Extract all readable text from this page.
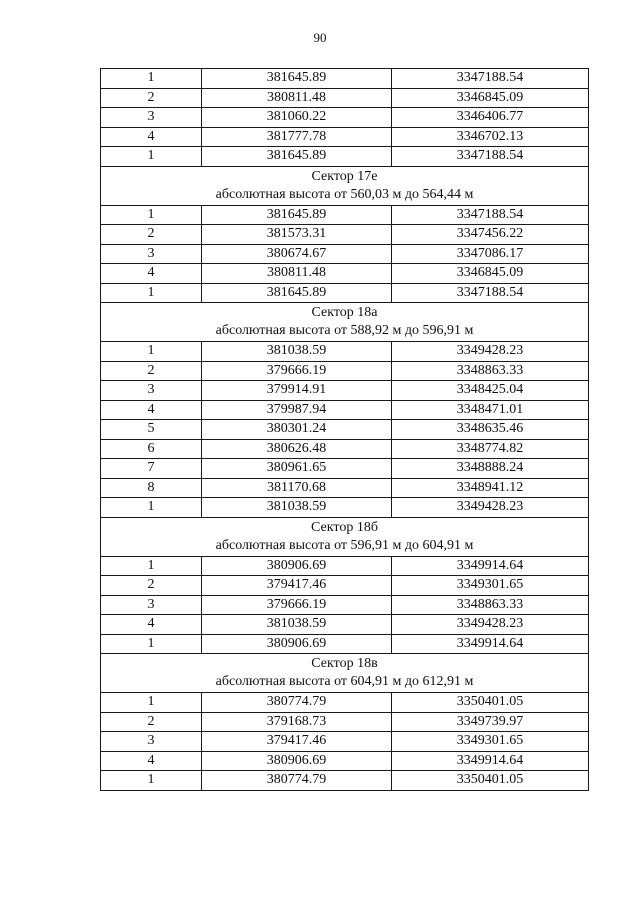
90
1	381645.89	3347188.54
2	380811.48	3346845.09
3	381060.22	3346406.77
4	381777.78	3346702.13
1	381645.89	3347188.54

Сектор 17е
абсолютная высота от 560,03 м до 564,44 м		

1	381645.89	3347188.54
2	381573.31	3347456.22
3	380674.67	3347086.17
4	380811.48	3346845.09
1	381645.89	3347188.54

Сектор 18а
абсолютная высота от 588,92 м до 596,91 м		

1	381038.59	3349428.23
2	379666.19	3348863.33
3	379914.91	3348425.04
4	379987.94	3348471.01
5	380301.24	3348635.46
6	380626.48	3348774.82
7	380961.65	3348888.24
8	381170.68	3348941.12
1	381038.59	3349428.23

Сектор 18б
абсолютная высота от 596,91 м до 604,91 м		

1	380906.69	3349914.64
2	379417.46	3349301.65
3	379666.19	3348863.33
4	381038.59	3349428.23
1	380906.69	3349914.64

Сектор 18в
абсолютная высота от 604,91 м до 612,91 м		

1	380774.79	3350401.05
2	379168.73	3349739.97
3	379417.46	3349301.65
4	380906.69	3349914.64
1	380774.79	3350401.05
